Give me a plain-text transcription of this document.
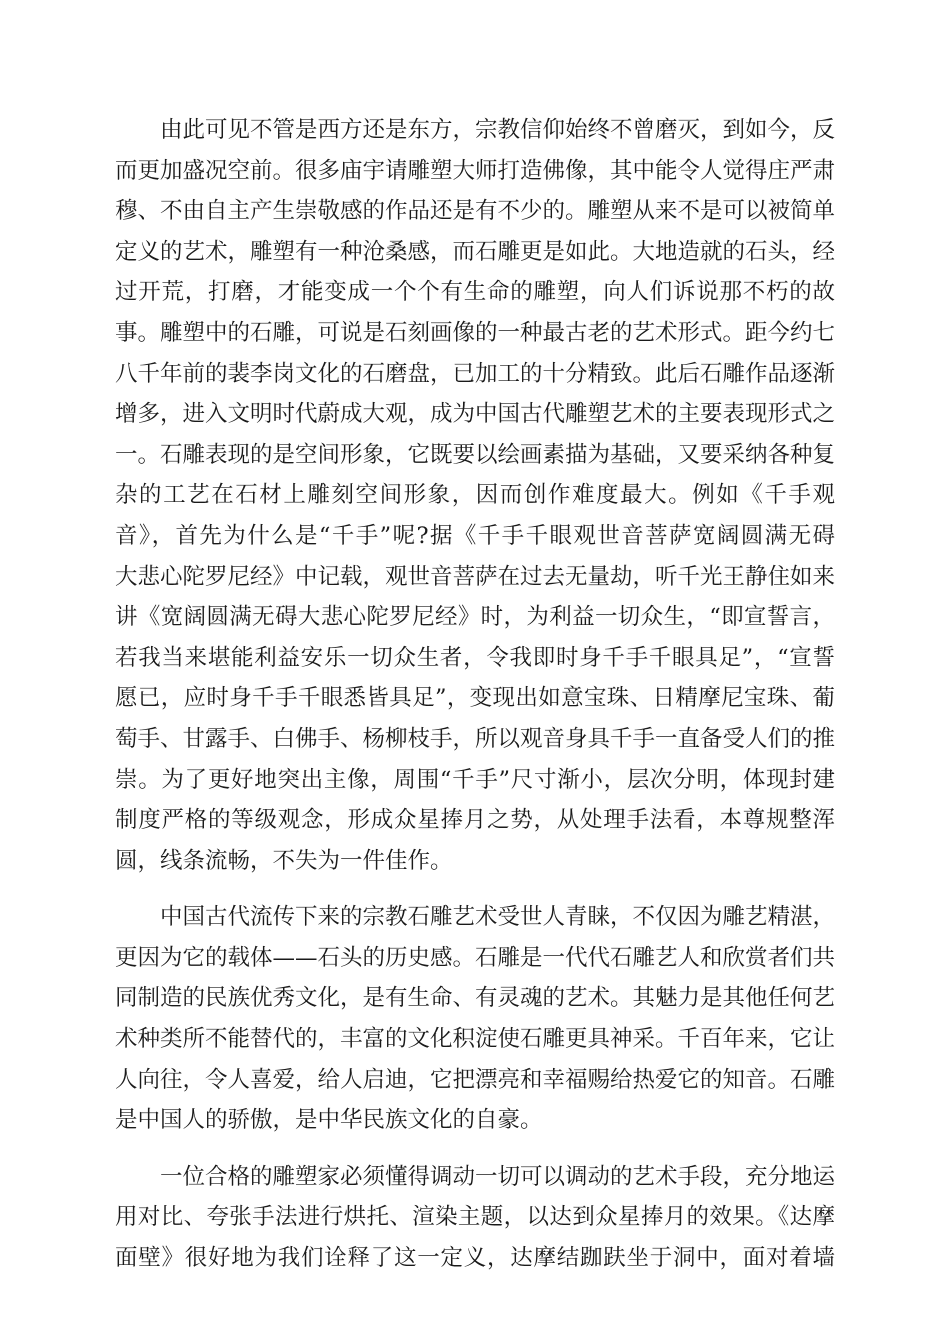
　　由此可见不管是西方还是东方，宗教信仰始终不曾磨灭，到如今，反
而更加盛况空前。很多庙宇请雕塑大师打造佛像，其中能令人觉得庄严肃
穆、不由自主产生崇敬感的作品还是有不少的。雕塑从来不是可以被简单
定义的艺术，雕塑有一种沧桑感，而石雕更是如此。大地造就的石头，经
过开荒，打磨，才能变成一个个有生命的雕塑，向人们诉说那不朽的故
事。雕塑中的石雕，可说是石刻画像的一种最古老的艺术形式。距今约七
八千年前的裴李岗文化的石磨盘，已加工的十分精致。此后石雕作品逐渐
增多，进入文明时代蔚成大观，成为中国古代雕塑艺术的主要表现形式之
一。石雕表现的是空间形象，它既要以绘画素描为基础，又要采纳各种复
杂的工艺在石材上雕刻空间形象，因而创作难度最大。例如《千手观
音》，首先为什么是“千手”呢?据《千手千眼观世音菩萨宽阔圆满无碍
大悲心陀罗尼经》中记载，观世音菩萨在过去无量劫，听千光王静住如来
讲《宽阔圆满无碍大悲心陀罗尼经》时，为利益一切众生，“即宣誓言，
若我当来堪能利益安乐一切众生者，令我即时身千手千眼具足”，“宣誓
愿已，应时身千手千眼悉皆具足”，变现出如意宝珠、日精摩尼宝珠、葡
萄手、甘露手、白佛手、杨柳枝手，所以观音身具千手一直备受人们的推
崇。为了更好地突出主像，周围“千手”尺寸渐小，层次分明，体现封建
制度严格的等级观念，形成众星捧月之势，从处理手法看，本尊规整浑
圆，线条流畅，不失为一件佳作。
　　中国古代流传下来的宗教石雕艺术受世人青睐，不仅因为雕艺精湛，
更因为它的载体——石头的历史感。石雕是一代代石雕艺人和欣赏者们共
同制造的民族优秀文化，是有生命、有灵魂的艺术。其魅力是其他任何艺
术种类所不能替代的，丰富的文化积淀使石雕更具神采。千百年来，它让
人向往，令人喜爱，给人启迪，它把漂亮和幸福赐给热爱它的知音。石雕
是中国人的骄傲，是中华民族文化的自豪。
　　一位合格的雕塑家必须懂得调动一切可以调动的艺术手段，充分地运
用对比、夸张手法进行烘托、渲染主题，以达到众星捧月的效果。《达摩
面壁》很好地为我们诠释了这一定义，达摩结跏趺坐于洞中，面对着墙
